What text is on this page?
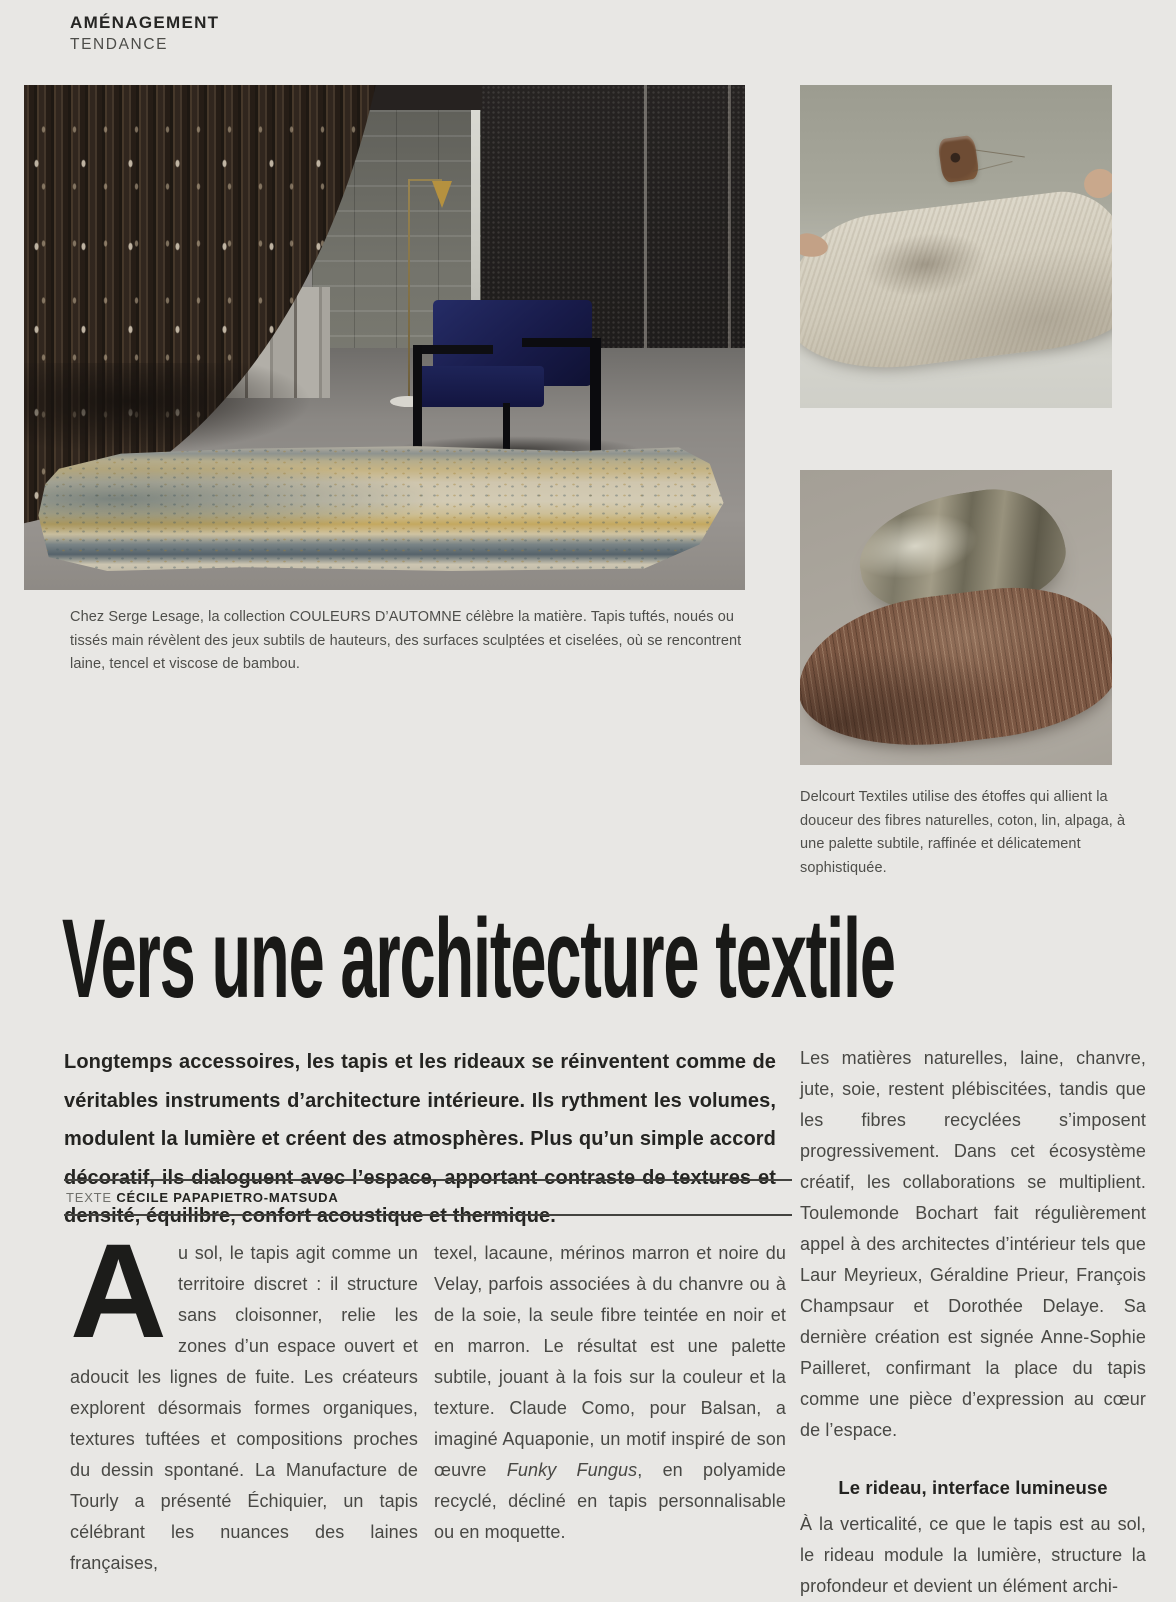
AMÉNAGEMENT
TENDANCE
Chez Serge Lesage, la collection COULEURS D’AUTOMNE célèbre la matière. Tapis tuftés, noués ou tissés main révèlent des jeux subtils de hauteurs, des surfaces sculptées et ciselées, où se rencontrent laine, tencel et viscose de bambou.
Delcourt Textiles utilise des étoffes qui allient la douceur des fibres naturelles, coton, lin, alpaga, à une palette subtile, raffinée et délicatement sophistiquée.
Vers une architecture textile
Longtemps accessoires, les tapis et les rideaux se réinventent comme de véritables instruments d’architecture intérieure. Ils rythment les volumes, modulent la lumière et créent des atmosphères. Plus qu’un simple accord décoratif, ils dialoguent avec l’espace, apportant contraste de textures et densité, équilibre, confort acoustique et thermique.
TEXTE CÉCILE PAPAPIETRO-MATSUDA
Au sol, le tapis agit comme un territoire discret : il structure sans cloisonner, relie les zones d’un espace ouvert et adoucit les lignes de fuite. Les créateurs explorent désormais formes organiques, textures tuftées et compositions proches du dessin spontané. La Manufacture de Tourly a présenté Échiquier, un tapis célébrant les nuances des laines françaises,
texel, lacaune, mérinos marron et noire du Velay, parfois associées à du chanvre ou à de la soie, la seule fibre teintée en noir et en marron. Le résultat est une palette subtile, jouant à la fois sur la couleur et la texture. Claude Como, pour Balsan, a imaginé Aquaponie, un motif inspiré de son œuvre Funky Fungus, en polyamide recyclé, décliné en tapis personnalisable ou en moquette.

Les matières naturelles, laine, chanvre, jute, soie, restent plébiscitées, tandis que les fibres recyclées s’imposent progressivement. Dans cet écosystème créatif, les collaborations se multiplient. Toulemonde Bochart fait régulièrement appel à des architectes d’intérieur tels que Laur Meyrieux, Géraldine Prieur, François Champsaur et Dorothée Delaye. Sa dernière création est signée Anne-Sophie Pailleret, confirmant la place du tapis comme une pièce d’expression au cœur de l’espace.

Le rideau, interface lumineuse

À la verticalité, ce que le tapis est au sol, le rideau module la lumière, structure la profondeur et devient un élément archi-
